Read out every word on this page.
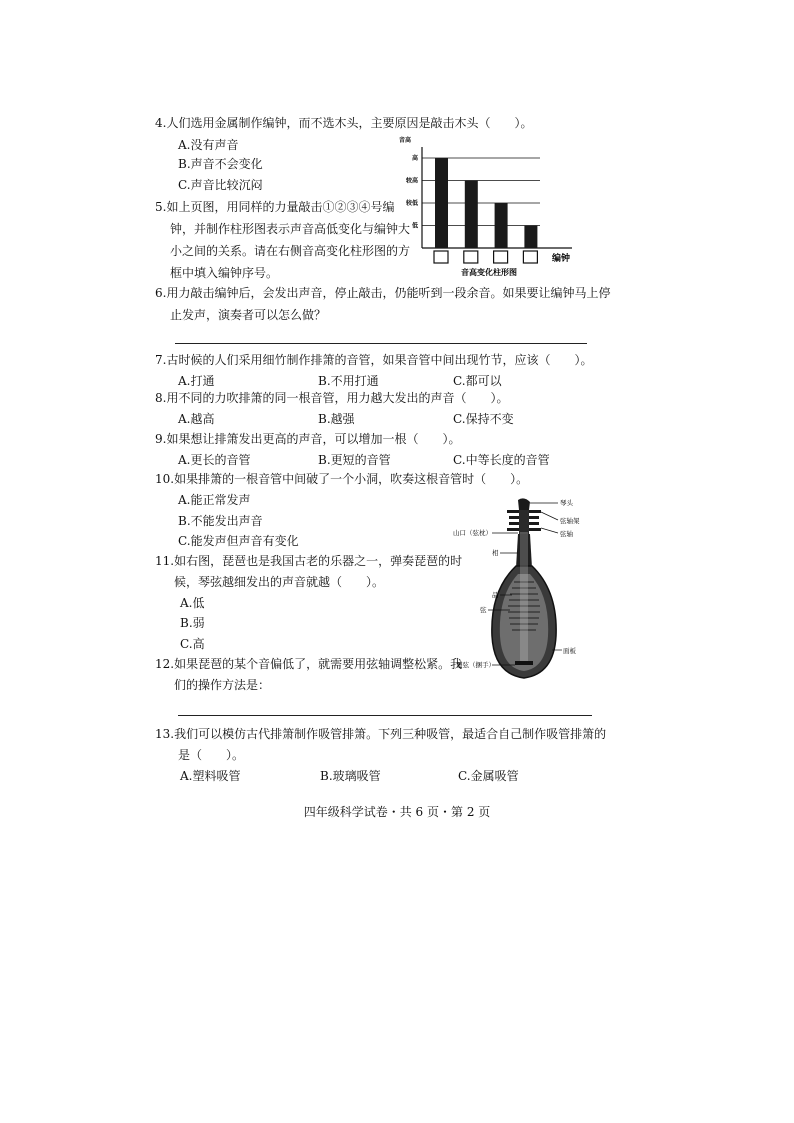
4.人们选用金属制作编钟，而不选木头，主要原因是敲击木头（　　）。
A.没有声音
B.声音不会变化
C.声音比较沉闷
5.如上页图，用同样的力量敲击①②③④号编
钟，并制作柱形图表示声音高低变化与编钟大
小之间的关系。请在右侧音高变化柱形图的方
框中填入编钟序号。
低
较低
较高
高
音高
编钟
音高变化柱形图
6.用力敲击编钟后，会发出声音，停止敲击，仍能听到一段余音。如果要让编钟马上停
止发声，演奏者可以怎么做？
7.古时候的人们采用细竹制作排箫的音管，如果音管中间出现竹节，应该（　　）。
A.打通	B.不用打通	C.都可以
8.用不同的力吹排箫的同一根音管，用力越大发出的声音（　　）。
A.越高	B.越强	C.保持不变
9.如果想让排箫发出更高的声音，可以增加一根（　　）。
A.更长的音管	B.更短的音管	C.中等长度的音管
10.如果排箫的一根音管中间破了一个小洞，吹奏这根音管时（　　）。
A.能正常发声
B.不能发出声音
C.能发声但声音有变化
11.如右图，琵琶也是我国古老的乐器之一，弹奏琵琶的时
候，琴弦越细发出的声音就越（　　）。
A.低
B.弱
C.高
12.如果琵琶的某个音偏低了，就需要用弦轴调整松紧。我
们的操作方法是：
琴头
弦轴架
弦轴
山口（弦枕）
相
品
弦
面板
覆弦（捆手）
13.我们可以模仿古代排箫制作吸管排箫。下列三种吸管，最适合自己制作吸管排箫的
是（　　）。
A.塑料吸管	B.玻璃吸管	C.金属吸管
四年级科学试卷・共 6 页・第 2 页
